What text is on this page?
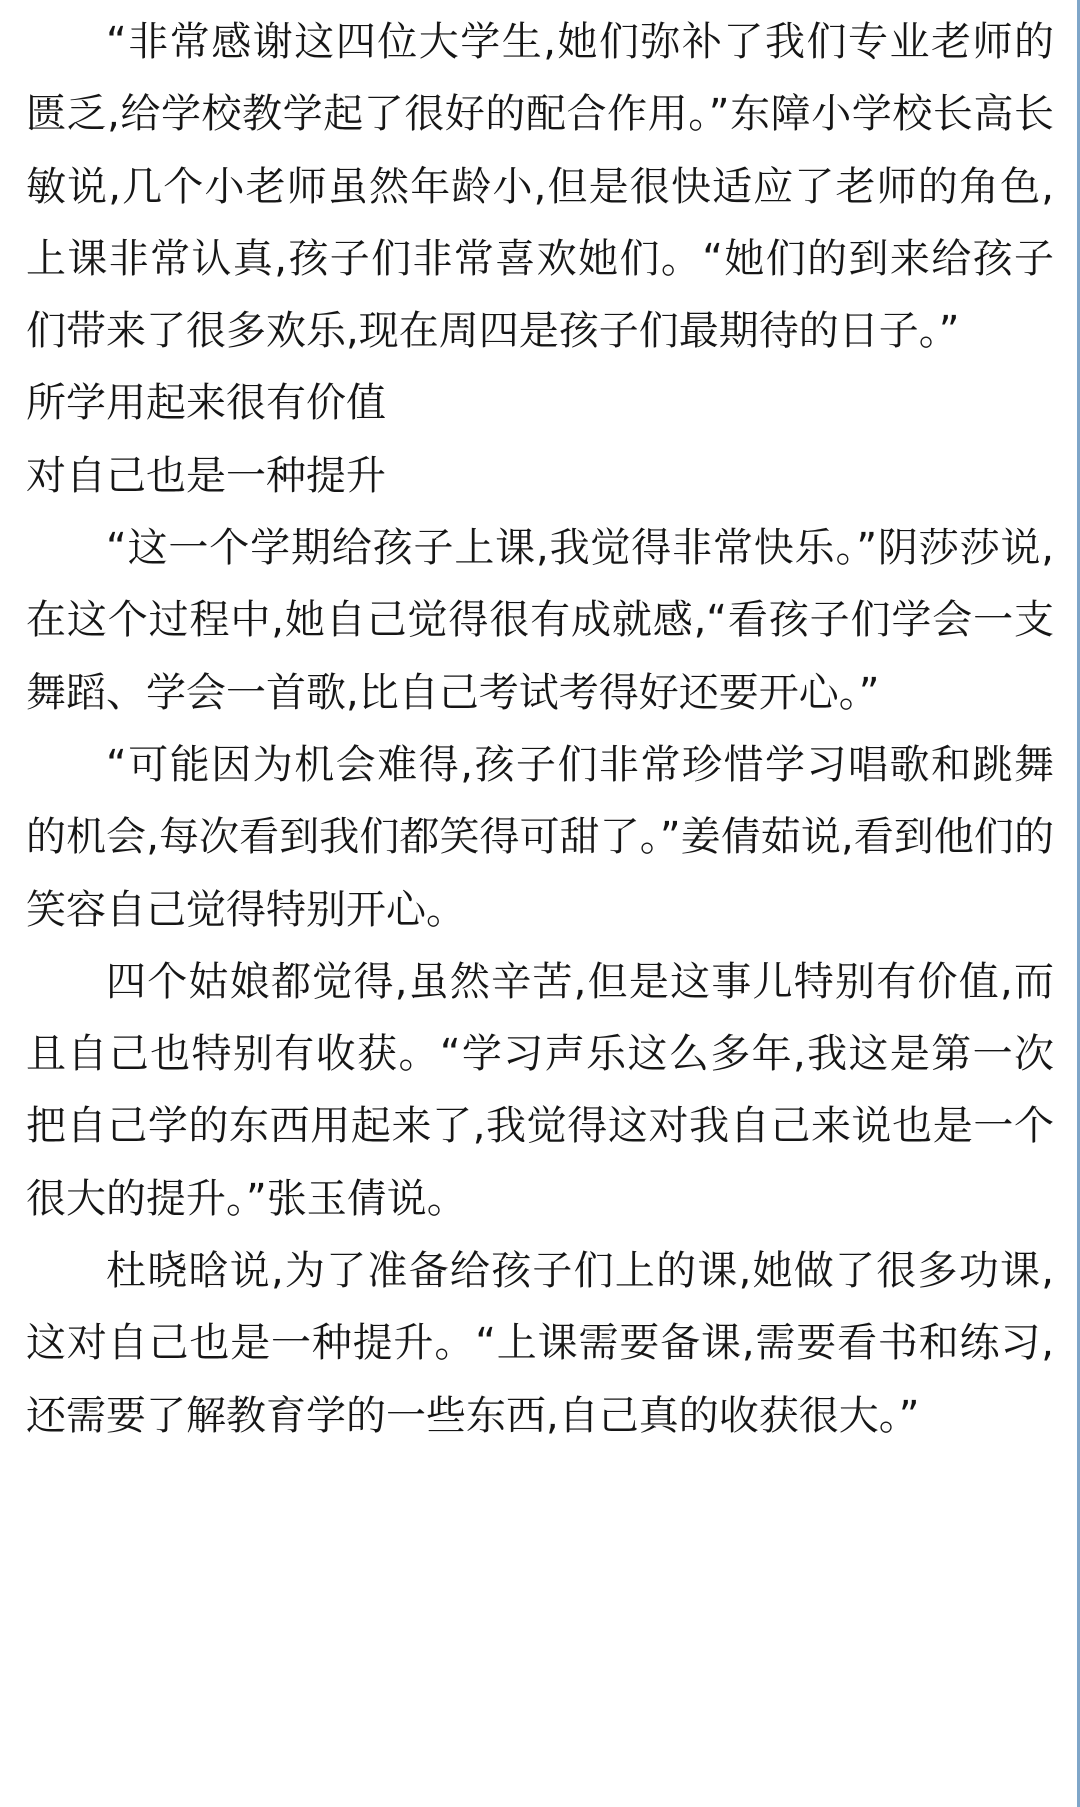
“非常感谢这四位大学生,她们弥补了我们专业老师的匮乏,给学校教学起了很好的配合作用。”东障小学校长高长敏说,几个小老师虽然年龄小,但是很快适应了老师的角色,上课非常认真,孩子们非常喜欢她们。“她们的到来给孩子们带来了很多欢乐,现在周四是孩子们最期待的日子。”

所学用起来很有价值

对自己也是一种提升

“这一个学期给孩子上课,我觉得非常快乐。”阴莎莎说,在这个过程中,她自己觉得很有成就感,“看孩子们学会一支舞蹈、学会一首歌,比自己考试考得好还要开心。”

“可能因为机会难得,孩子们非常珍惜学习唱歌和跳舞的机会,每次看到我们都笑得可甜了。”姜倩茹说,看到他们的笑容自己觉得特别开心。

四个姑娘都觉得,虽然辛苦,但是这事儿特别有价值,而且自己也特别有收获。“学习声乐这么多年,我这是第一次把自己学的东西用起来了,我觉得这对我自己来说也是一个很大的提升。”张玉倩说。

杜晓晗说,为了准备给孩子们上的课,她做了很多功课,这对自己也是一种提升。“上课需要备课,需要看书和练习,还需要了解教育学的一些东西,自己真的收获很大。”
